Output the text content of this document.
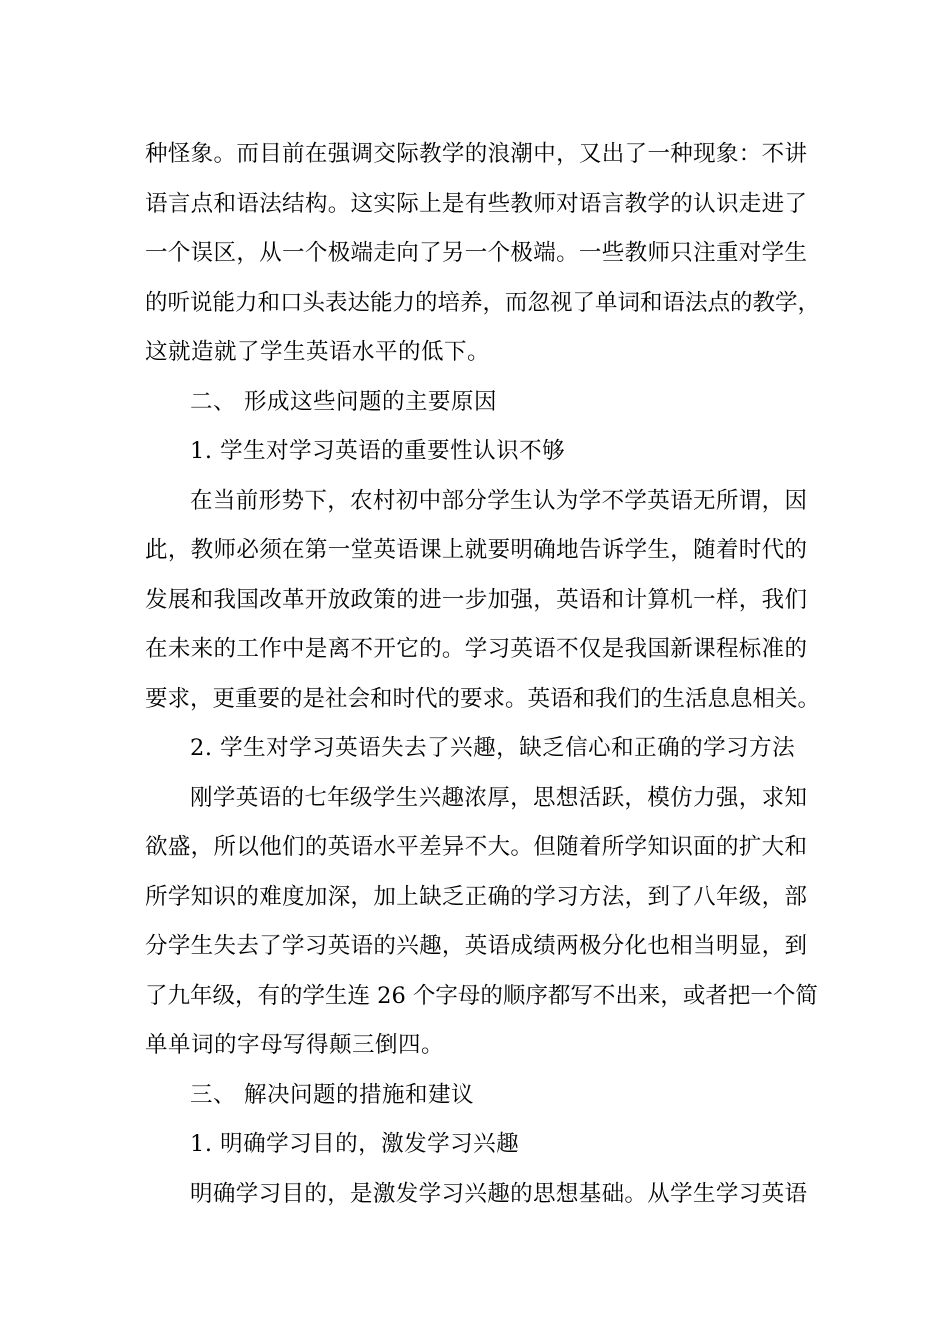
种怪象。而目前在强调交际教学的浪潮中，又出了一种现象：不讲
语言点和语法结构。这实际上是有些教师对语言教学的认识走进了
一个误区，从一个极端走向了另一个极端。一些教师只注重对学生
的听说能力和口头表达能力的培养，而忽视了单词和语法点的教学，
这就造就了学生英语水平的低下。
二、 形成这些问题的主要原因
1. 学生对学习英语的重要性认识不够
在当前形势下，农村初中部分学生认为学不学英语无所谓，因
此，教师必须在第一堂英语课上就要明确地告诉学生，随着时代的
发展和我国改革开放政策的进一步加强，英语和计算机一样，我们
在未来的工作中是离不开它的。学习英语不仅是我国新课程标准的
要求，更重要的是社会和时代的要求。英语和我们的生活息息相关。
2. 学生对学习英语失去了兴趣，缺乏信心和正确的学习方法
刚学英语的七年级学生兴趣浓厚，思想活跃，模仿力强，求知
欲盛，所以他们的英语水平差异不大。但随着所学知识面的扩大和
所学知识的难度加深，加上缺乏正确的学习方法，到了八年级，部
分学生失去了学习英语的兴趣，英语成绩两极分化也相当明显，到
了九年级，有的学生连 26 个字母的顺序都写不出来，或者把一个简
单单词的字母写得颠三倒四。
三、 解决问题的措施和建议
1. 明确学习目的，激发学习兴趣
明确学习目的，是激发学习兴趣的思想基础。从学生学习英语
